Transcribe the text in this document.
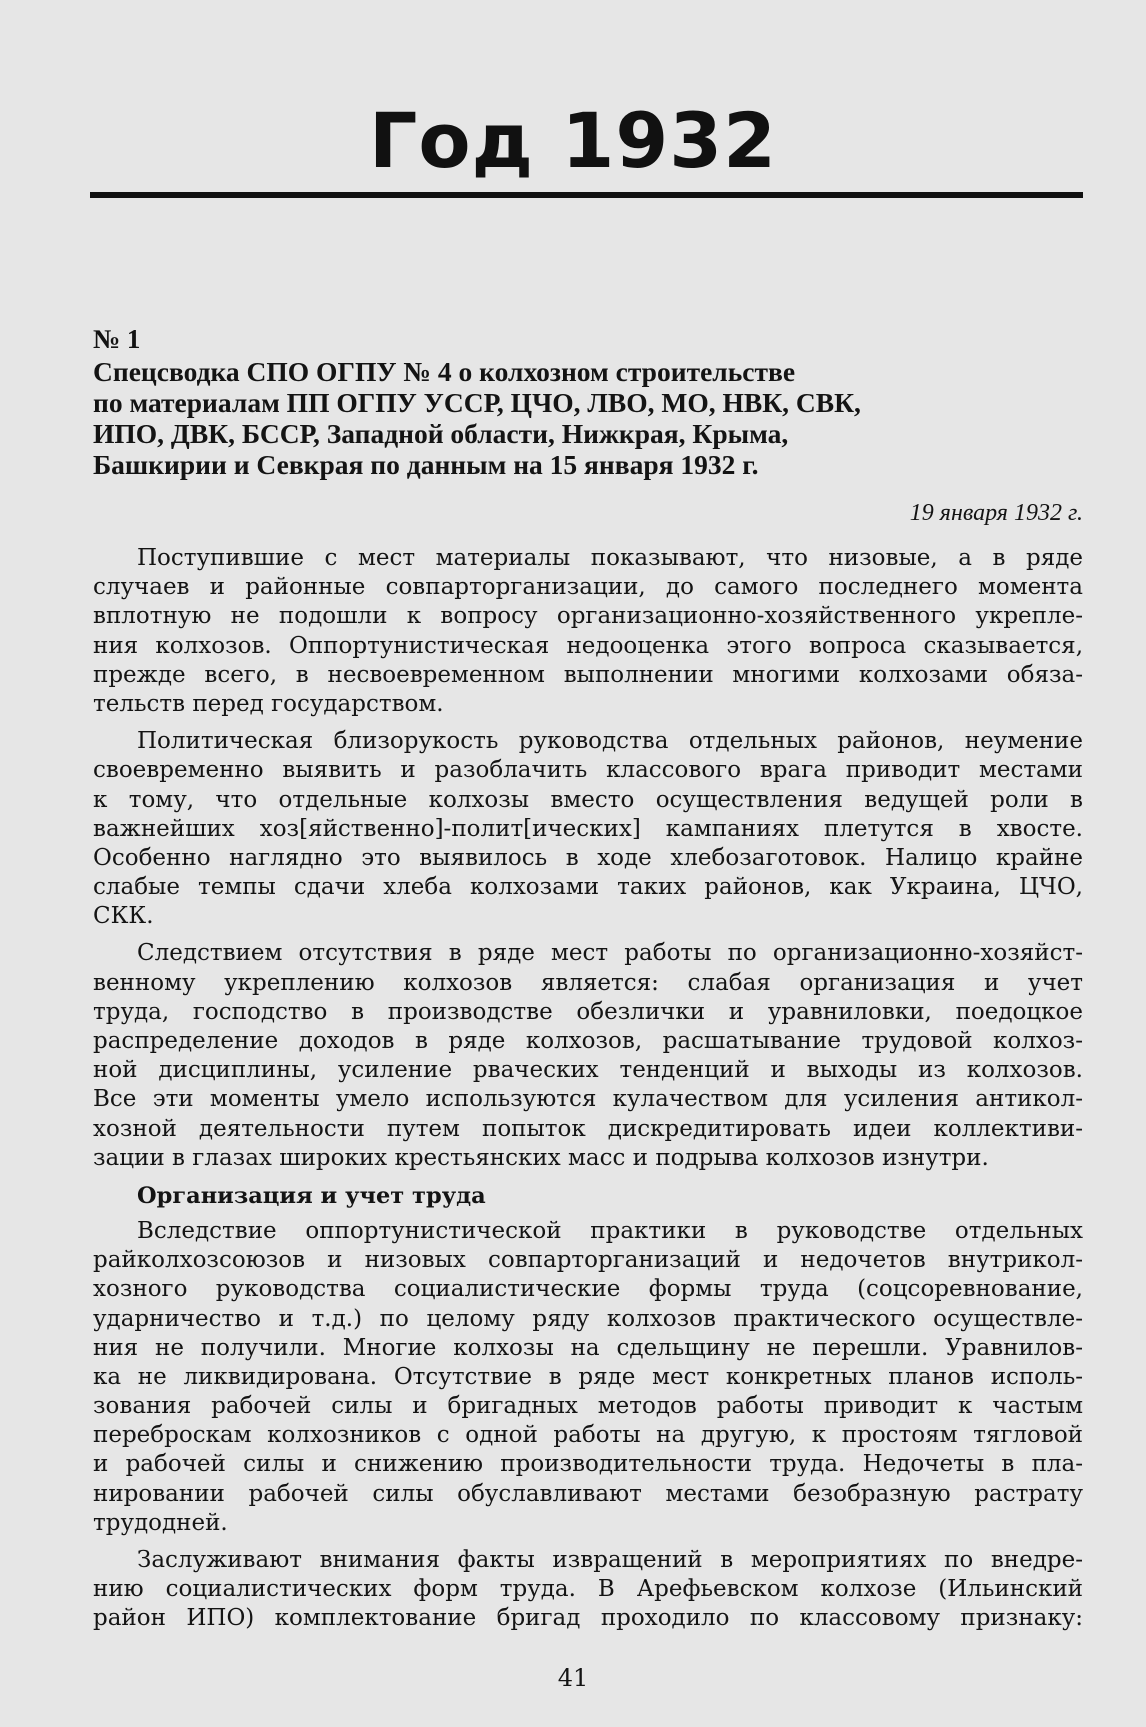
Год 1932
№ 1
Спецсводка СПО ОГПУ № 4 о колхозном строительстве
по материалам ПП ОГПУ УССР, ЦЧО, ЛВО, МО, НВК, СВК,
ИПО, ДВК, БССР, Западной области, Нижкрая, Крыма,
Башкирии и Севкрая по данным на 15 января 1932 г.
19 января 1932 г.
Поступившие с мест материалы показывают, что низовые, а в ряде
случаев и районные совпарторганизации, до самого последнего момента
вплотную не подошли к вопросу организационно-хозяйственного укрепле-
ния колхозов. Оппортунистическая недооценка этого вопроса сказывается,
прежде всего, в несвоевременном выполнении многими колхозами обяза-
тельств перед государством.
Политическая близорукость руководства отдельных районов, неумение
своевременно выявить и разоблачить классового врага приводит местами
к тому, что отдельные колхозы вместо осуществления ведущей роли в
важнейших хоз[яйственно]-полит[ических] кампаниях плетутся в хвосте.
Особенно наглядно это выявилось в ходе хлебозаготовок. Налицо крайне
слабые темпы сдачи хлеба колхозами таких районов, как Украина, ЦЧО,
СКК.
Следствием отсутствия в ряде мест работы по организационно-хозяйст-
венному укреплению колхозов является: слабая организация и учет
труда, господство в производстве обезлички и уравниловки, поедоцкое
распределение доходов в ряде колхозов, расшатывание трудовой колхоз-
ной дисциплины, усиление рваческих тенденций и выходы из колхозов.
Все эти моменты умело используются кулачеством для усиления антикол-
хозной деятельности путем попыток дискредитировать идеи коллективи-
зации в глазах широких крестьянских масс и подрыва колхозов изнутри.
Организация и учет труда
Вследствие оппортунистической практики в руководстве отдельных
райколхозсоюзов и низовых совпарторганизаций и недочетов внутрикол-
хозного руководства социалистические формы труда (соцсоревнование,
ударничество и т.д.) по целому ряду колхозов практического осуществле-
ния не получили. Многие колхозы на сдельщину не перешли. Уравнилов-
ка не ликвидирована. Отсутствие в ряде мест конкретных планов исполь-
зования рабочей силы и бригадных методов работы приводит к частым
переброскам колхозников с одной работы на другую, к простоям тягловой
и рабочей силы и снижению производительности труда. Недочеты в пла-
нировании рабочей силы обуславливают местами безобразную растрату
трудодней.
Заслуживают внимания факты извращений в мероприятиях по внедре-
нию социалистических форм труда. В Арефьевском колхозе (Ильинский
район ИПО) комплектование бригад проходило по классовому признаку:
41
